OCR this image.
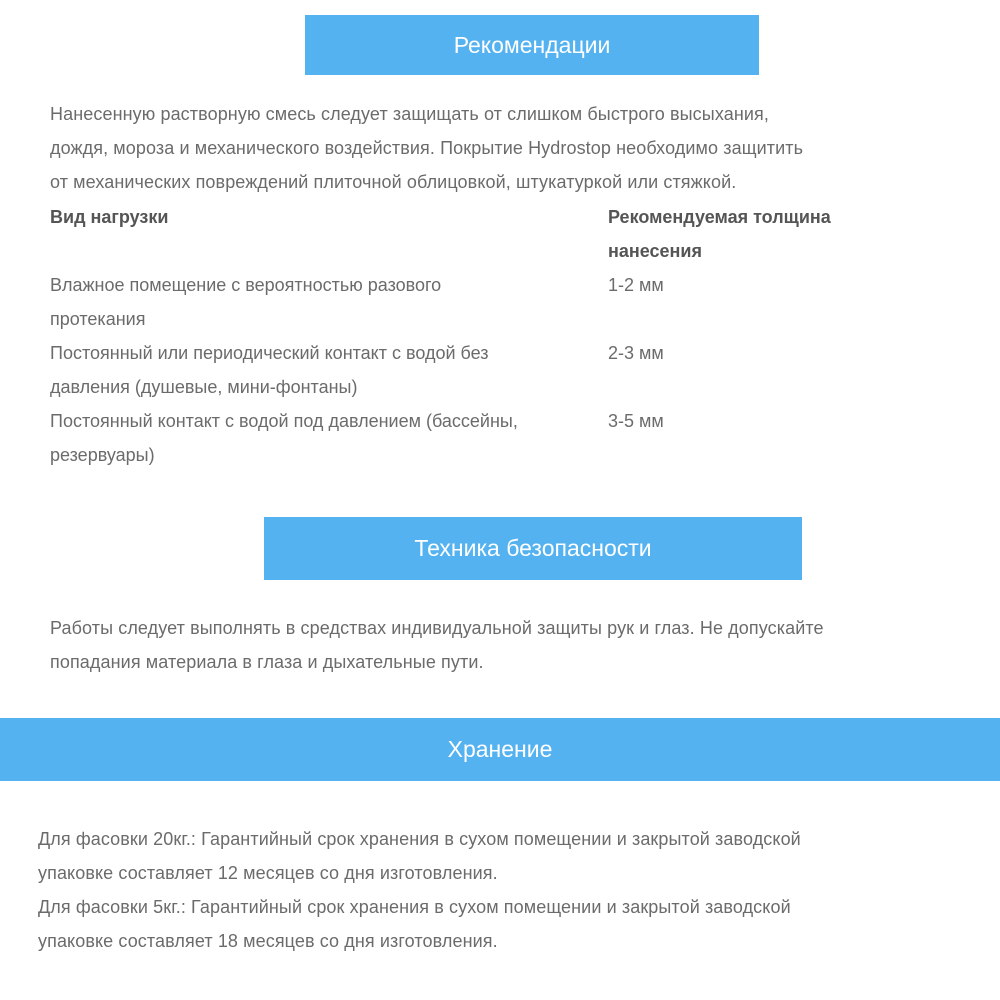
Рекомендации
Нанесенную растворную смесь следует защищать от слишком быстрого высыхания,
дождя, мороза и механического воздействия. Покрытие Hydrostop необходимо защитить
от механических повреждений плиточной облицовкой, штукатуркой или стяжкой.
Вид нагрузки	Рекомендуемая толщина
нанесения
Влажное помещение с вероятностью разового
протекания
1-2 мм
Постоянный или периодический контакт с водой без
давления (душевые, мини-фонтаны)
2-3 мм
Постоянный контакт с водой под давлением (бассейны,
резервуары)
3-5 мм
Техника безопасности
Работы следует выполнять в средствах индивидуальной защиты рук и глаз. Не допускайте
попадания материала в глаза и дыхательные пути.
Хранение
Для фасовки 20кг.: Гарантийный срок хранения в сухом помещении и закрытой заводской
упаковке составляет 12 месяцев со дня изготовления.
Для фасовки 5кг.: Гарантийный срок хранения в сухом помещении и закрытой заводской
упаковке составляет 18 месяцев со дня изготовления.
